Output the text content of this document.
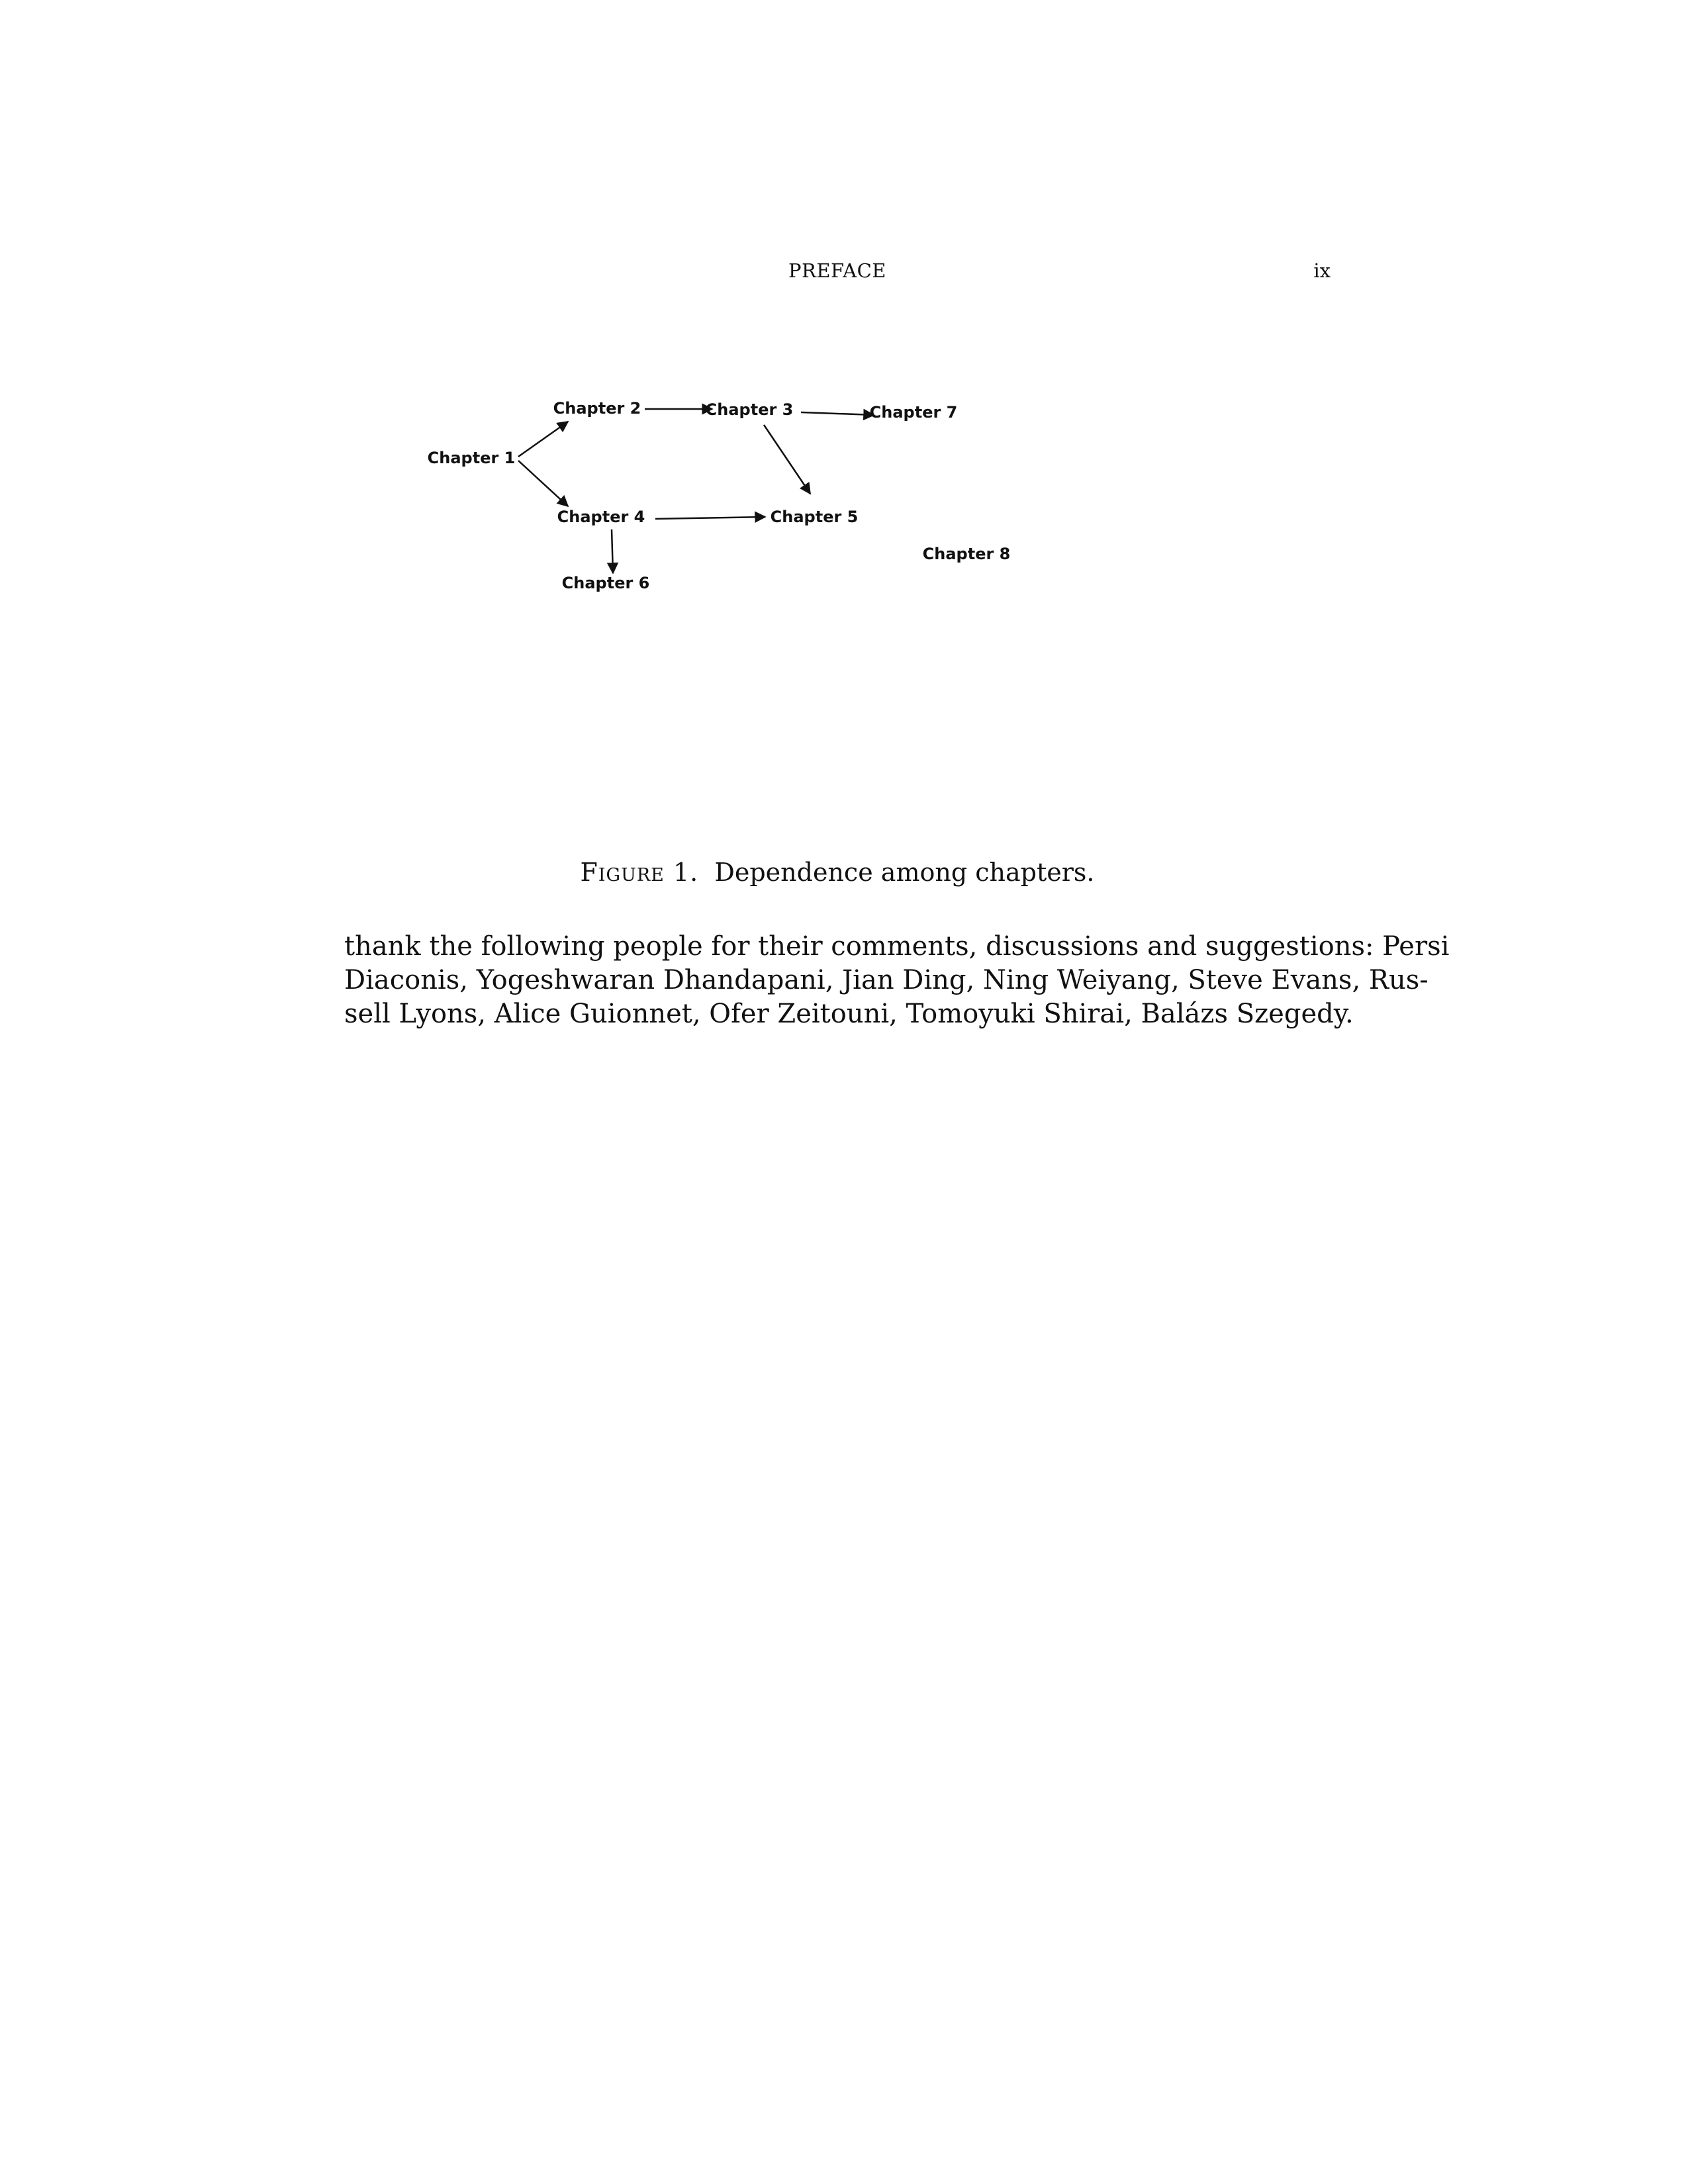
PREFACE	ix
Chapter 1
Chapter 2	Chapter 3
Chapter 4	Chapter 5
Chapter 6
Chapter 7
Chapter 8
Figure 1. Dependence among chapters.
thank the following people for their comments, discussions and suggestions: Persi
Diaconis, Yogeshwaran Dhandapani, Jian Ding, Ning Weiyang, Steve Evans, Rus-
sell Lyons, Alice Guionnet, Ofer Zeitouni, Tomoyuki Shirai, Balázs Szegedy.
